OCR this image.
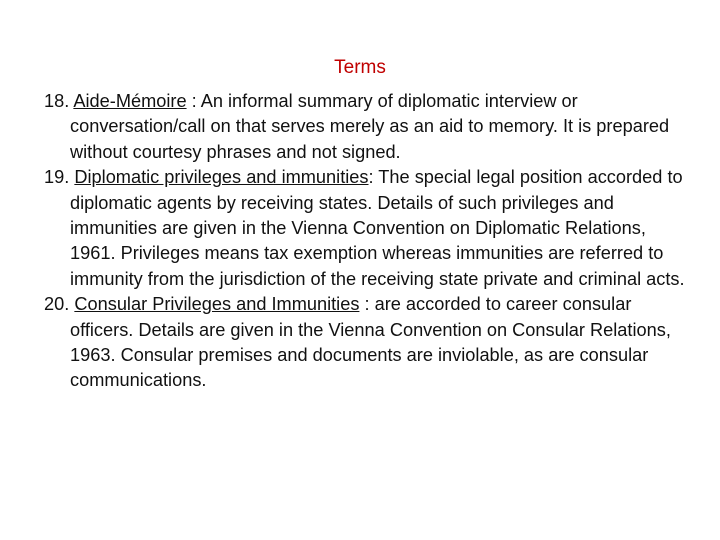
Terms

18. Aide-Mémoire : An informal summary of diplomatic interview or conversation/call on that serves merely as an aid to memory. It is prepared without courtesy phrases and not signed.

19. Diplomatic privileges and immunities: The special legal position accorded to diplomatic agents by receiving states. Details of such privileges and immunities are given in the Vienna Convention on Diplomatic Relations, 1961. Privileges means tax exemption whereas immunities are referred to immunity from the jurisdiction of the receiving state private and criminal acts.

20. Consular Privileges and Immunities : are accorded to career consular officers. Details are given in the Vienna Convention on Consular Relations, 1963. Consular premises and documents are inviolable, as are consular communications.
